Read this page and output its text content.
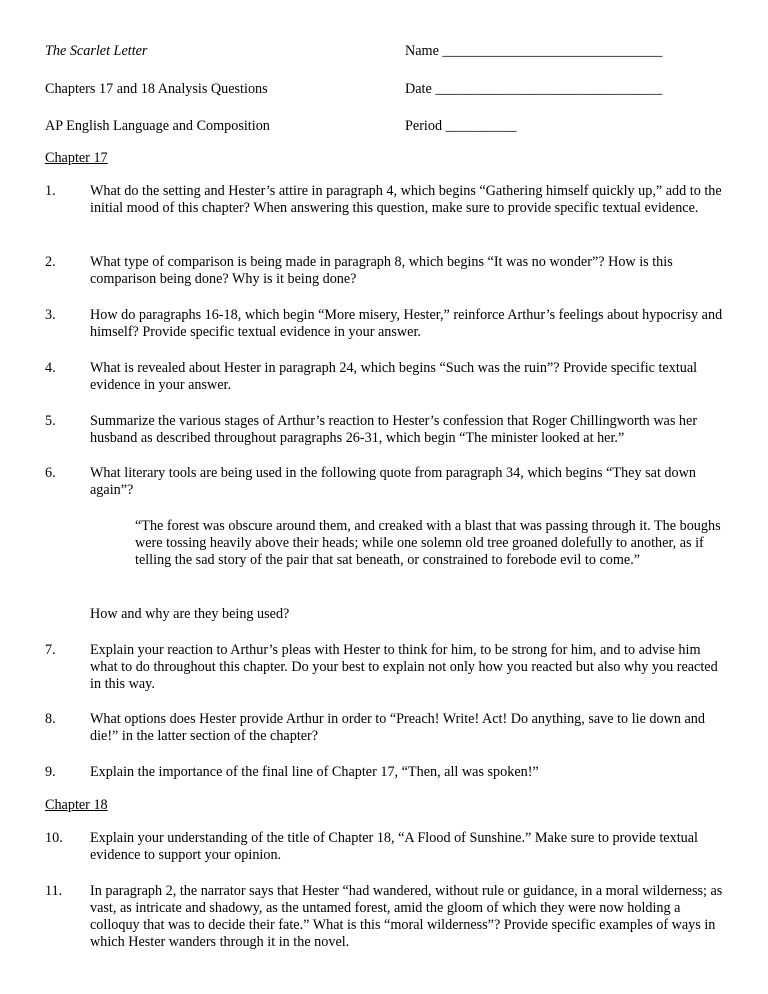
The Scarlet Letter	Name _______________________________
Chapters 17 and 18 Analysis Questions	Date ________________________________
AP English Language and Composition	Period __________
Chapter 17
1. What do the setting and Hester’s attire in paragraph 4, which begins “Gathering himself quickly up,” add to the initial mood of this chapter? When answering this question, make sure to provide specific textual evidence.
2. What type of comparison is being made in paragraph 8, which begins “It was no wonder”? How is this comparison being done? Why is it being done?
3. How do paragraphs 16-18, which begin “More misery, Hester,” reinforce Arthur’s feelings about hypocrisy and himself? Provide specific textual evidence in your answer.
4. What is revealed about Hester in paragraph 24, which begins “Such was the ruin”? Provide specific textual evidence in your answer.
5. Summarize the various stages of Arthur’s reaction to Hester’s confession that Roger Chillingworth was her husband as described throughout paragraphs 26-31, which begin “The minister looked at her.”
6. What literary tools are being used in the following quote from paragraph 34, which begins “They sat down again”?
“The forest was obscure around them, and creaked with a blast that was passing through it. The boughs were tossing heavily above their heads; while one solemn old tree groaned dolefully to another, as if telling the sad story of the pair that sat beneath, or constrained to forebode evil to come.”
How and why are they being used?
7. Explain your reaction to Arthur’s pleas with Hester to think for him, to be strong for him, and to advise him what to do throughout this chapter. Do your best to explain not only how you reacted but also why you reacted in this way.
8. What options does Hester provide Arthur in order to “Preach! Write! Act! Do anything, save to lie down and die!” in the latter section of the chapter?
9. Explain the importance of the final line of Chapter 17, “Then, all was spoken!”
Chapter 18
10. Explain your understanding of the title of Chapter 18, “A Flood of Sunshine.” Make sure to provide textual evidence to support your opinion.
11. In paragraph 2, the narrator says that Hester “had wandered, without rule or guidance, in a moral wilderness; as vast, as intricate and shadowy, as the untamed forest, amid the gloom of which they were now holding a colloquy that was to decide their fate.” What is this “moral wilderness”? Provide specific examples of ways in which Hester wanders through it in the novel.
